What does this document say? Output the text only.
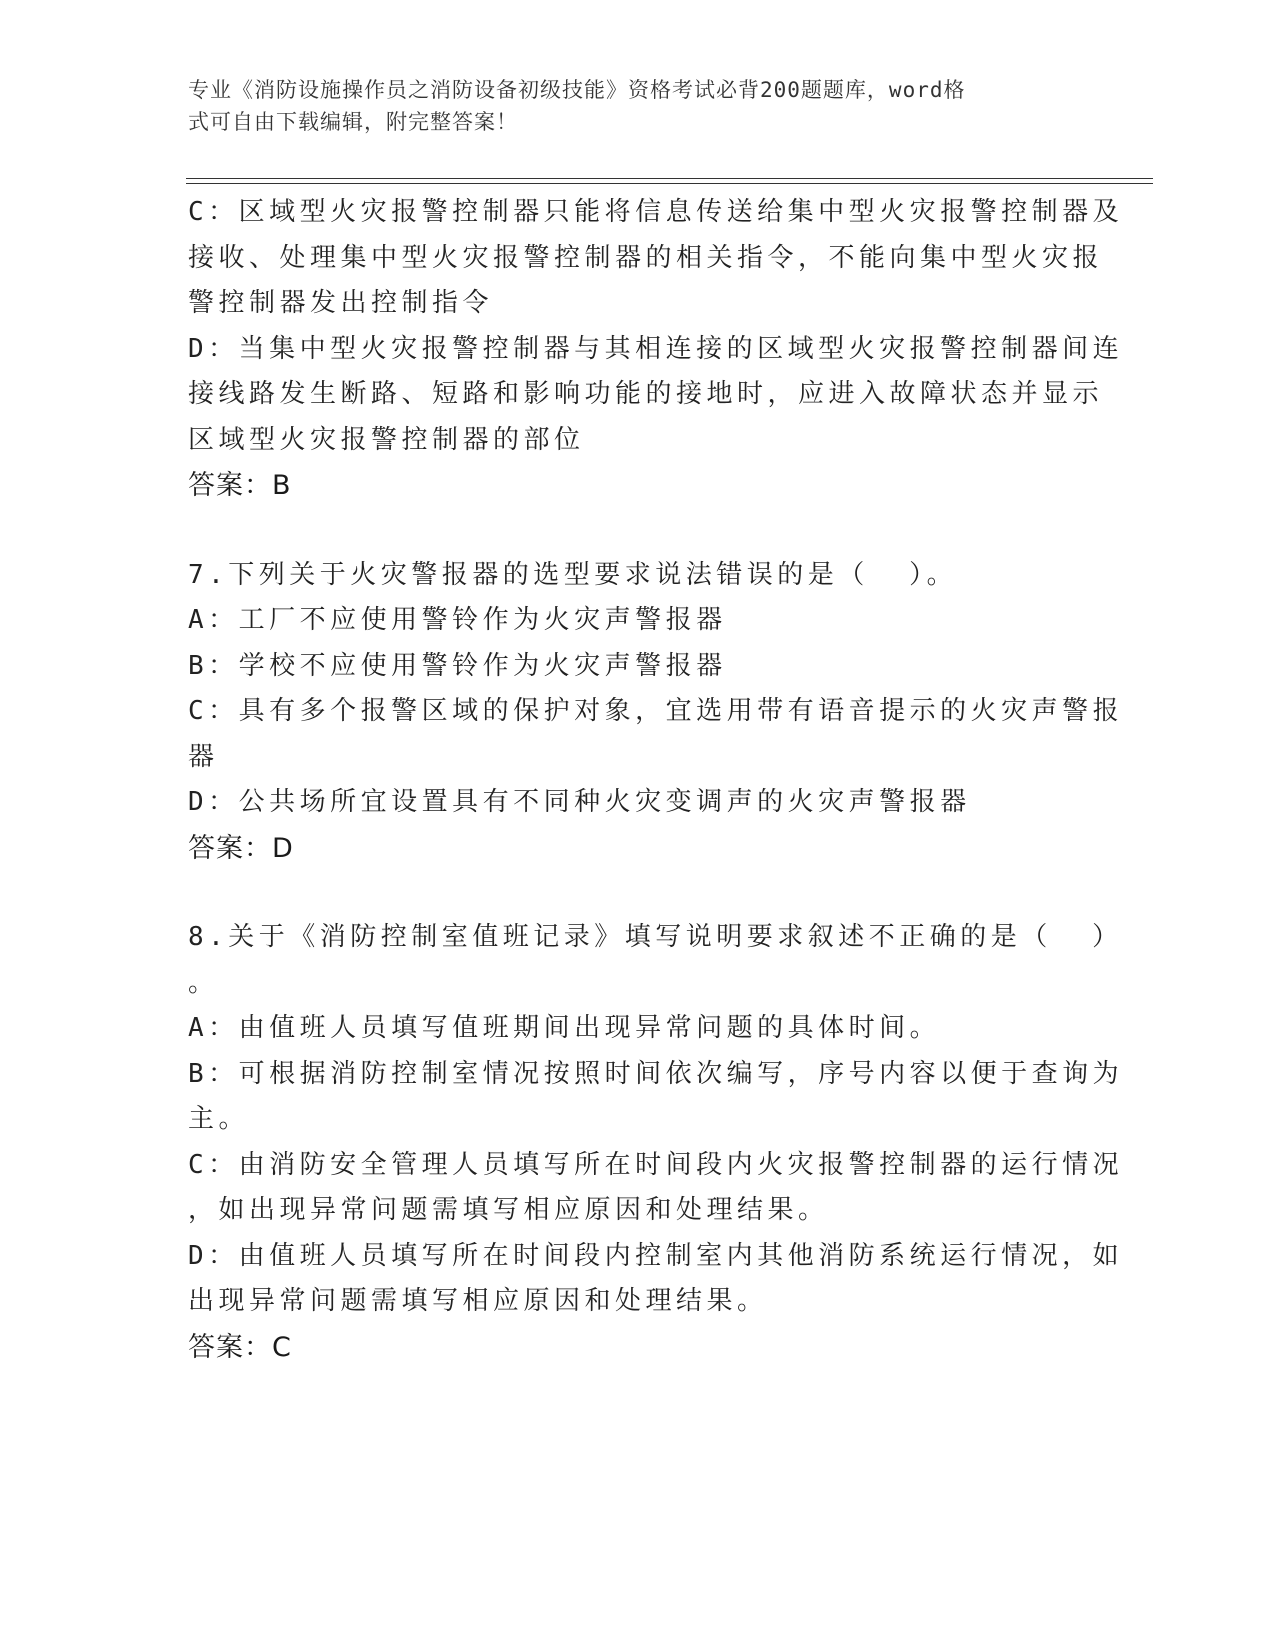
专业《消防设施操作员之消防设备初级技能》资格考试必背200题题库，word格
式可自由下载编辑，附完整答案！
C：区域型火灾报警控制器只能将信息传送给集中型火灾报警控制器及
接收、处理集中型火灾报警控制器的相关指令，不能向集中型火灾报
警控制器发出控制指令
D：当集中型火灾报警控制器与其相连接的区域型火灾报警控制器间连
接线路发生断路、短路和影响功能的接地时，应进入故障状态并显示
区域型火灾报警控制器的部位
答案：B
7.下列关于火灾警报器的选型要求说法错误的是（  ）。
A：工厂不应使用警铃作为火灾声警报器
B：学校不应使用警铃作为火灾声警报器
C：具有多个报警区域的保护对象，宜选用带有语音提示的火灾声警报
器
D：公共场所宜设置具有不同种火灾变调声的火灾声警报器
答案：D
8.关于《消防控制室值班记录》填写说明要求叙述不正确的是（  ）
。
A：由值班人员填写值班期间出现异常问题的具体时间。
B：可根据消防控制室情况按照时间依次编写，序号内容以便于查询为
主。
C：由消防安全管理人员填写所在时间段内火灾报警控制器的运行情况
，如出现异常问题需填写相应原因和处理结果。
D：由值班人员填写所在时间段内控制室内其他消防系统运行情况，如
出现异常问题需填写相应原因和处理结果。
答案：C
